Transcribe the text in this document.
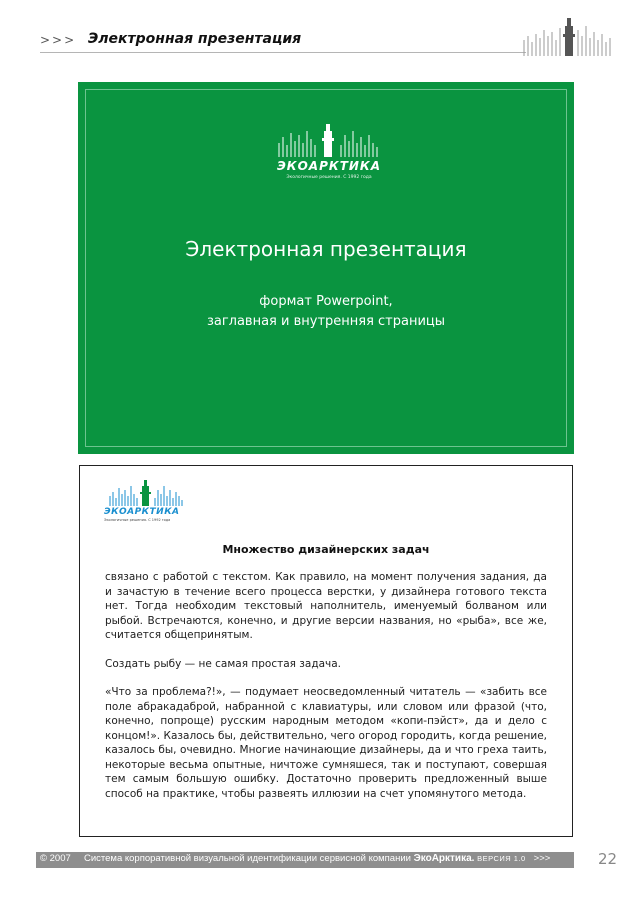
>>> Электронная презентация
ЭКОАРКТИКА
Экологичные решения. С 1992 года
Электронная презентация
формат Powerpoint,
заглавная и внутренняя страницы
ЭКОАРКТИКА
Экологичные решения. С 1992 года
Множество дизайнерских задач

связано с работой с текстом. Как правило, на момент получения задания, да и зачастую в течение всего процесса верстки, у дизайнера готового текста нет. Тогда необходим текстовый наполнитель, именуемый болваном или рыбой. Встречаются, конечно, и другие версии названия, но «рыба», все же, считается общепринятым.

Создать рыбу — не самая простая задача.

«Что за проблема?!», — подумает неосведомленный читатель — «забить все поле абракадаброй, набранной с клавиатуры, или словом или фразой (что, конечно, попроще) русским народным методом «копи-пэйст», да и дело с концом!». Казалось бы, действительно, чего огород городить, когда решение, казалось бы, очевидно. Многие начинающие дизайнеры, да и что греха таить, некоторые весьма опытные, ничтоже сумняшеся, так и поступают, совершая тем самым большую ошибку. Достаточно проверить предложенный выше способ на практике, чтобы развеять иллюзии на счет упомянутого метода.

© 2007 Система корпоративной визуальной идентификации сервисной компании ЭкоАрктика. ВЕРСИЯ 1.0 >>>	22
